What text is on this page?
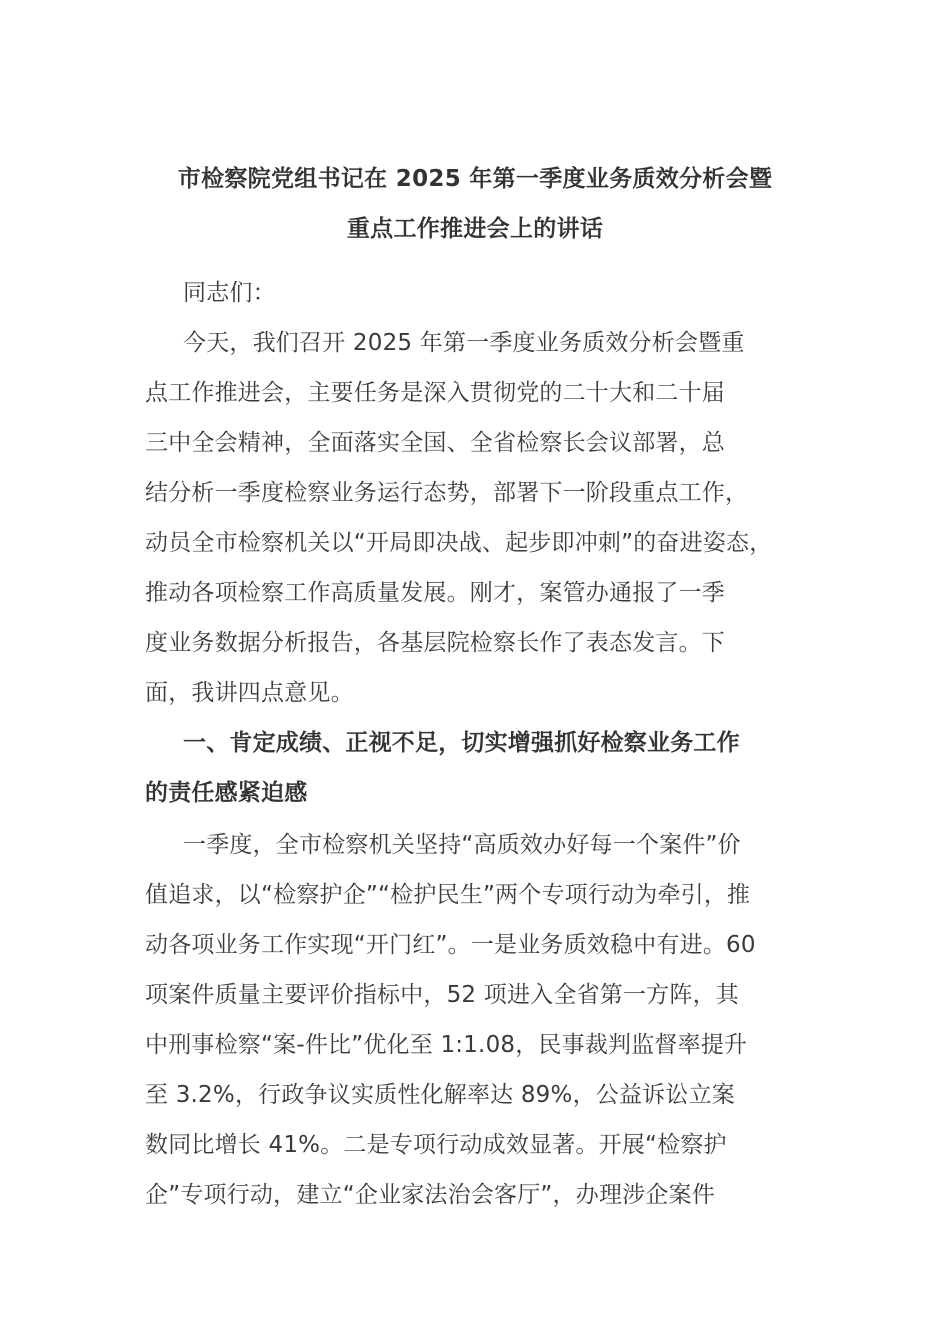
市检察院党组书记在 2025 年第一季度业务质效分析会暨
重点工作推进会上的讲话
同志们：
今天，我们召开 2025 年第一季度业务质效分析会暨重
点工作推进会，主要任务是深入贯彻党的二十大和二十届
三中全会精神，全面落实全国、全省检察长会议部署，总
结分析一季度检察业务运行态势，部署下一阶段重点工作，
动员全市检察机关以“开局即决战、起步即冲刺”的奋进姿态，
推动各项检察工作高质量发展。刚才，案管办通报了一季
度业务数据分析报告，各基层院检察长作了表态发言。下
面，我讲四点意见。
一、肯定成绩、正视不足，切实增强抓好检察业务工作
的责任感紧迫感
一季度，全市检察机关坚持“高质效办好每一个案件”价
值追求，以“检察护企”“检护民生”两个专项行动为牵引，推
动各项业务工作实现“开门红”。一是业务质效稳中有进。60
项案件质量主要评价指标中，52 项进入全省第一方阵，其
中刑事检察“案-件比”优化至 1:1.08，民事裁判监督率提升
至 3.2%，行政争议实质性化解率达 89%，公益诉讼立案
数同比增长 41%。二是专项行动成效显著。开展“检察护
企”专项行动，建立“企业家法治会客厅”，办理涉企案件
